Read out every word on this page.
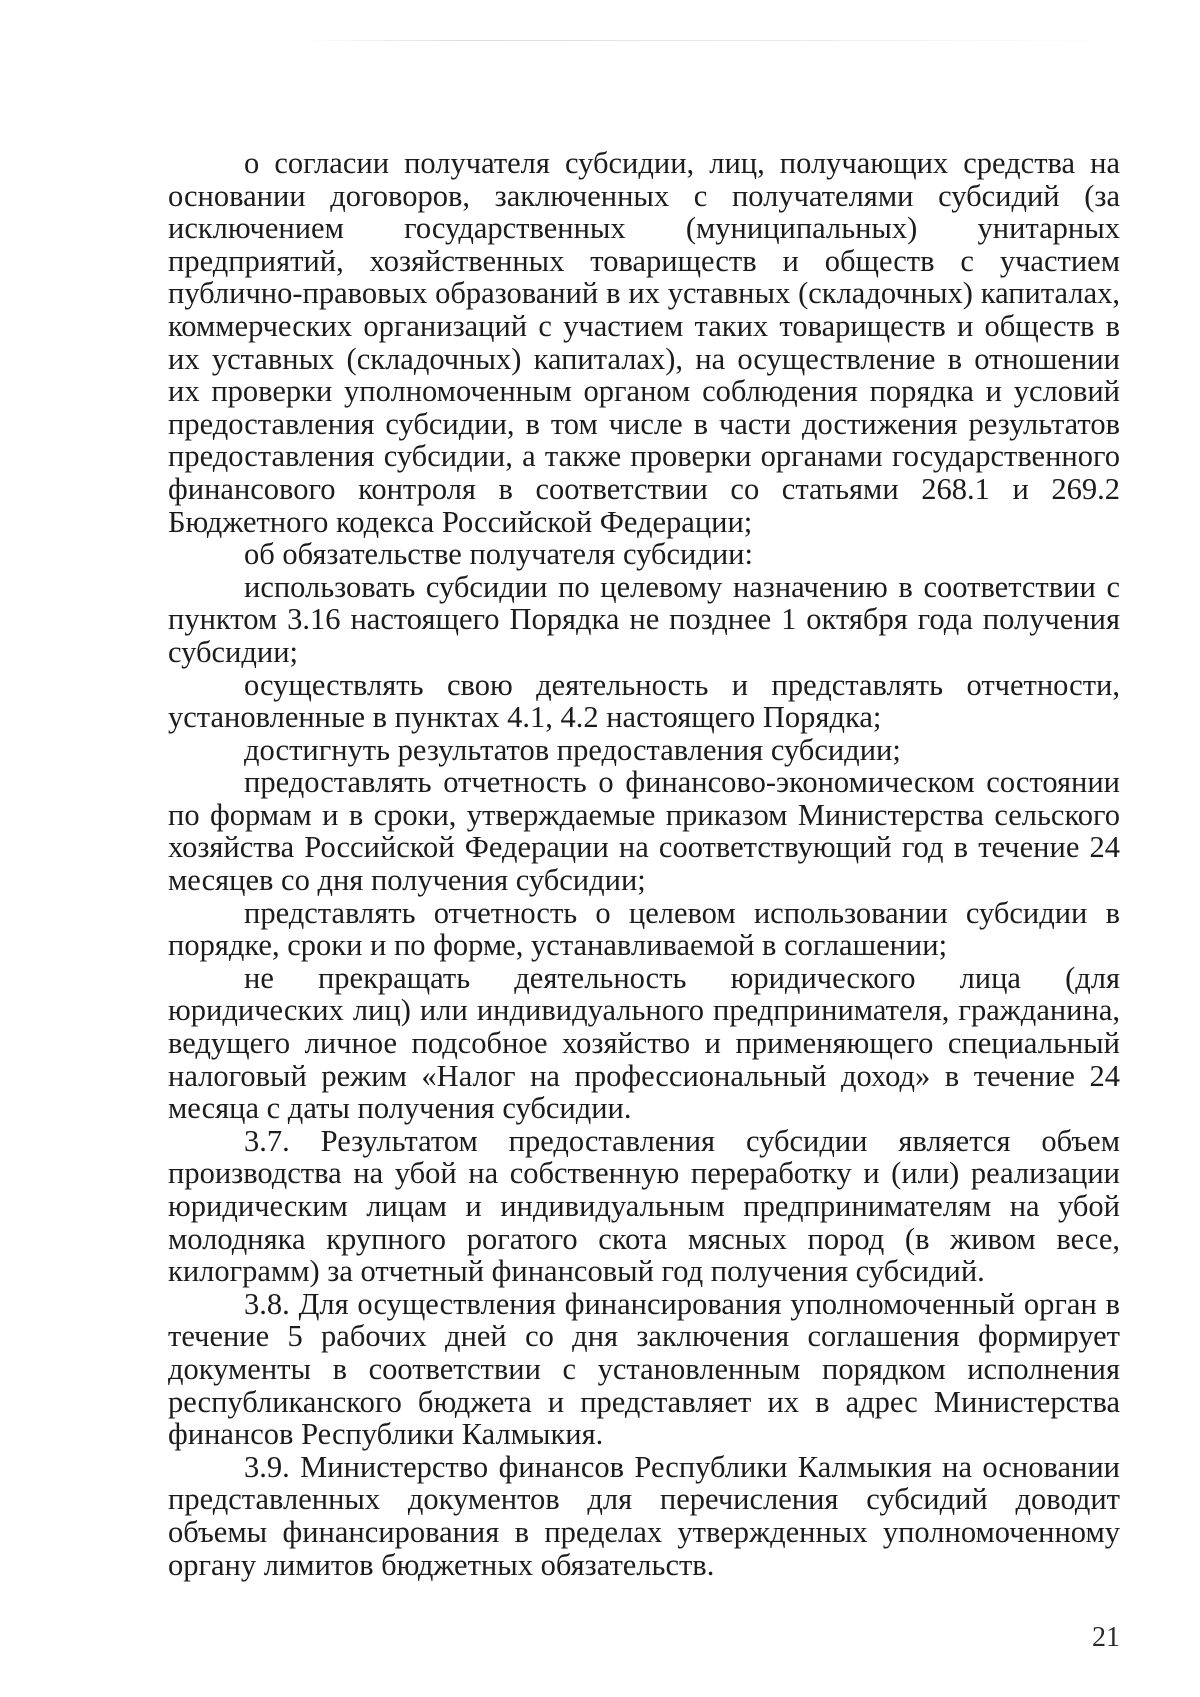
о согласии получателя субсидии, лиц, получающих средства на основании договоров, заключенных с получателями субсидий (за исключением государственных (муниципальных) унитарных предприятий, хозяйственных товариществ и обществ с участием публично-правовых образований в их уставных (складочных) капиталах, коммерческих организаций с участием таких товариществ и обществ в их уставных (складочных) капиталах), на осуществление в отношении их проверки уполномоченным органом соблюдения порядка и условий предоставления субсидии, в том числе в части достижения результатов предоставления субсидии, а также проверки органами государственного финансового контроля в соответствии со статьями 268.1 и 269.2 Бюджетного кодекса Российской Федерации;

об обязательстве получателя субсидии:

использовать субсидии по целевому назначению в соответствии с пунктом 3.16 настоящего Порядка не позднее 1 октября года получения субсидии;

осуществлять свою деятельность и представлять отчетности, установленные в пунктах 4.1, 4.2 настоящего Порядка;

достигнуть результатов предоставления субсидии;

предоставлять отчетность о финансово-экономическом состоянии по формам и в сроки, утверждаемые приказом Министерства сельского хозяйства Российской Федерации на соответствующий год в течение 24 месяцев со дня получения субсидии;

представлять отчетность о целевом использовании субсидии в порядке, сроки и по форме, устанавливаемой в соглашении;

не прекращать деятельность юридического лица (для юридических лиц) или индивидуального предпринимателя, гражданина, ведущего личное подсобное хозяйство и применяющего специальный налоговый режим «Налог на профессиональный доход» в течение 24 месяца с даты получения субсидии.

3.7. Результатом предоставления субсидии является объем производства на убой на собственную переработку и (или) реализации юридическим лицам и индивидуальным предпринимателям на убой молодняка крупного рогатого скота мясных пород (в живом весе, килограмм) за отчетный финансовый год получения субсидий.

3.8. Для осуществления финансирования уполномоченный орган в течение 5 рабочих дней со дня заключения соглашения формирует документы в соответствии с установленным порядком исполнения республиканского бюджета и представляет их в адрес Министерства финансов Республики Калмыкия.

3.9. Министерство финансов Республики Калмыкия на основании представленных документов для перечисления субсидий доводит объемы финансирования в пределах утвержденных уполномоченному органу лимитов бюджетных обязательств.

21
